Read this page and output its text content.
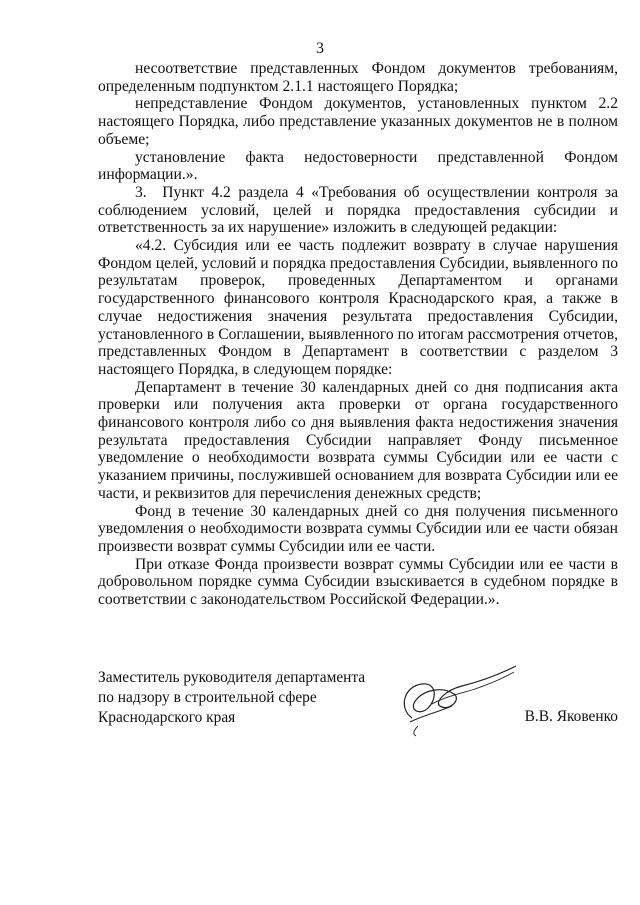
3

несоответствие представленных Фондом документов требованиям, определенным подпунктом 2.1.1 настоящего Порядка;

непредставление Фондом документов, установленных пунктом 2.2 настоящего Порядка, либо представление указанных документов не в полном объеме;

установление факта недостоверности представленной Фондом информации.».

3. Пункт 4.2 раздела 4 «Требования об осуществлении контроля за соблюдением условий, целей и порядка предоставления субсидии и ответственность за их нарушение» изложить в следующей редакции:

«4.2. Субсидия или ее часть подлежит возврату в случае нарушения Фондом целей, условий и порядка предоставления Субсидии, выявленного по результатам проверок, проведенных Департаментом и органами государственного финансового контроля Краснодарского края, а также в случае недостижения значения результата предоставления Субсидии, установленного в Соглашении, выявленного по итогам рассмотрения отчетов, представленных Фондом в Департамент в соответствии с разделом 3 настоящего Порядка, в следующем порядке:

Департамент в течение 30 календарных дней со дня подписания акта проверки или получения акта проверки от органа государственного финансового контроля либо со дня выявления факта недостижения значения результата предоставления Субсидии направляет Фонду письменное уведомление о необходимости возврата суммы Субсидии или ее части с указанием причины, послужившей основанием для возврата Субсидии или ее части, и реквизитов для перечисления денежных средств;

Фонд в течение 30 календарных дней со дня получения письменного уведомления о необходимости возврата суммы Субсидии или ее части обязан произвести возврат суммы Субсидии или ее части.

При отказе Фонда произвести возврат суммы Субсидии или ее части в добровольном порядке сумма Субсидии взыскивается в судебном порядке в соответствии с законодательством Российской Федерации.».

Заместитель руководителя департамента
по надзору в строительной сфере
Краснодарского края	В.В. Яковенко
